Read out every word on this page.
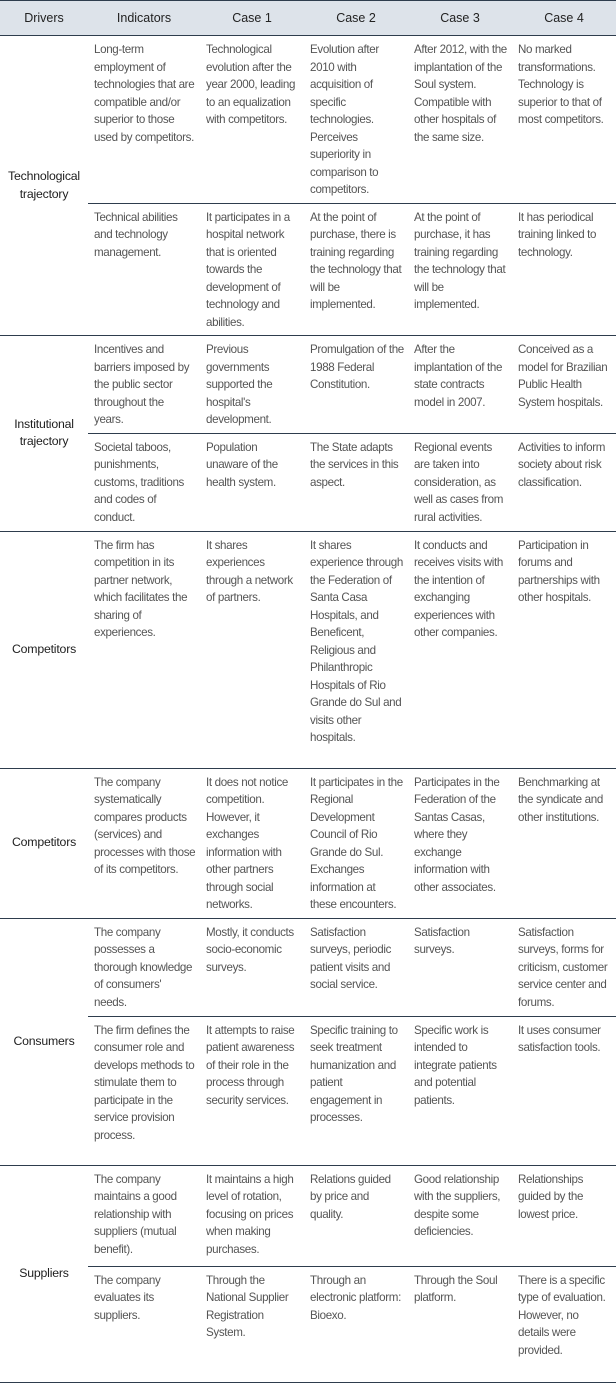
Drivers	Indicators	Case 1	Case 2	Case 3	Case 4
Technological trajectory	Long-term employment of technologies that are compatible and/or superior to those used by competitors.	Technological evolution after the year 2000, leading to an equalization with competitors.	Evolution after 2010 with acquisition of specific technologies. Perceives superiority in comparison to competitors.	After 2012, with the implantation of the Soul system. Compatible with other hospitals of the same size.	No marked transformations. Technology is superior to that of most competitors.
	Technical abilities and technology management.	It participates in a hospital network that is oriented towards the development of technology and abilities.	At the point of purchase, there is training regarding the technology that will be implemented.	At the point of purchase, it has training regarding the technology that will be implemented.	It has periodical training linked to technology.
Institutional trajectory	Incentives and barriers imposed by the public sector throughout the years.	Previous governments supported the hospital's development.	Promulgation of the 1988 Federal Constitution.	After the implantation of the state contracts model in 2007.	Conceived as a model for Brazilian Public Health System hospitals.
	Societal taboos, punishments, customs, traditions and codes of conduct.	Population unaware of the health system.	The State adapts the services in this aspect.	Regional events are taken into consideration, as well as cases from rural activities.	Activities to inform society about risk classification.
Competitors	The firm has competition in its partner network, which facilitates the sharing of experiences.	It shares experiences through a network of partners.	It shares experience through the Federation of Santa Casa Hospitals, and Beneficent, Religious and Philanthropic Hospitals of Rio Grande do Sul and visits other hospitals.	It conducts and receives visits with the intention of exchanging experiences with other companies.	Participation in forums and partnerships with other hospitals.
Competitors	The company systematically compares products (services) and processes with those of its competitors.	It does not notice competition. However, it exchanges information with other partners through social networks.	It participates in the Regional Development Council of Rio Grande do Sul. Exchanges information at these encounters.	Participates in the Federation of the Santas Casas, where they exchange information with other associates.	Benchmarking at the syndicate and other institutions.
Consumers	The company possesses a thorough knowledge of consumers' needs.	Mostly, it conducts socio-economic surveys.	Satisfaction surveys, periodic patient visits and social service.	Satisfaction surveys.	Satisfaction surveys, forms for criticism, customer service center and forums.
	The firm defines the consumer role and develops methods to stimulate them to participate in the service provision process.	It attempts to raise patient awareness of their role in the process through security services.	Specific training to seek treatment humanization and patient engagement in processes.	Specific work is intended to integrate patients and potential patients.	It uses consumer satisfaction tools.
Suppliers	The company maintains a good relationship with suppliers (mutual benefit).	It maintains a high level of rotation, focusing on prices when making purchases.	Relations guided by price and quality.	Good relationship with the suppliers, despite some deficiencies.	Relationships guided by the lowest price.
	The company evaluates its suppliers.	Through the National Supplier Registration System.	Through an electronic platform: Bioexo.	Through the Soul platform.	There is a specific type of evaluation. However, no details were provided.
